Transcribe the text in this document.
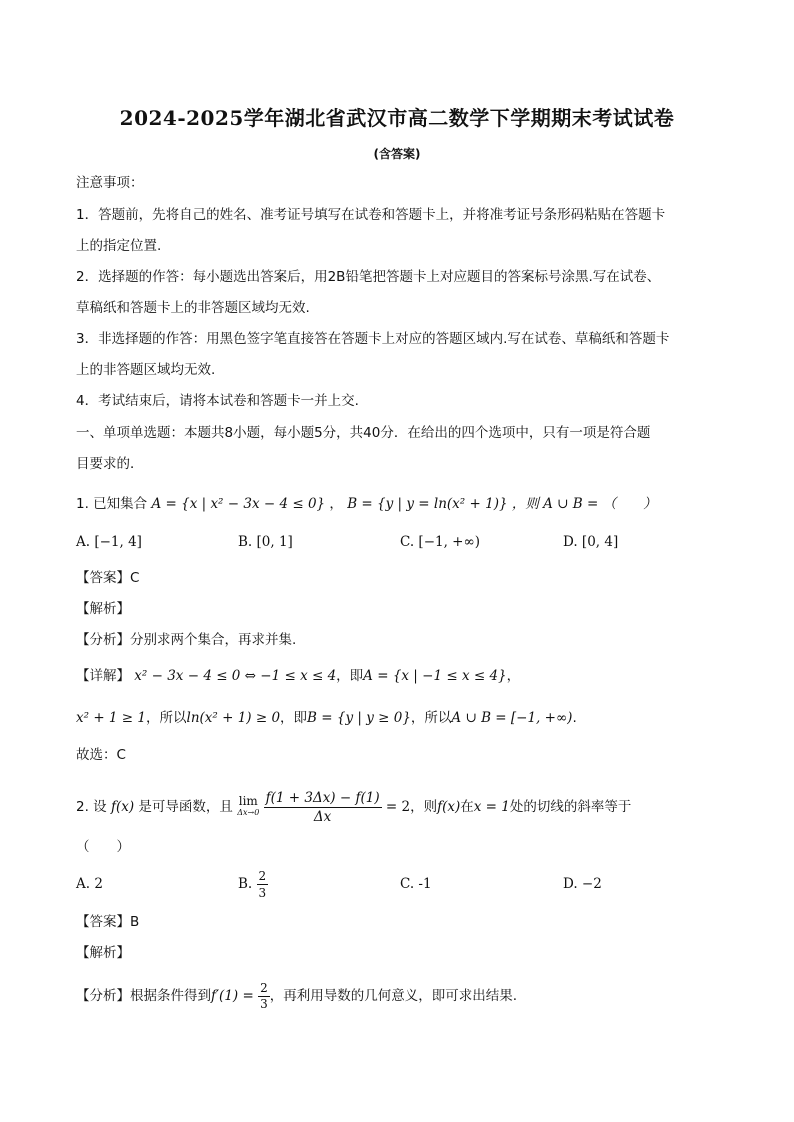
2024-2025学年湖北省武汉市高二数学下学期期末考试试卷
(含答案)
注意事项：
1．答题前，先将自己的姓名、准考证号填写在试卷和答题卡上，并将准考证号条形码粘贴在答题卡
上的指定位置.
2．选择题的作答：每小题选出答案后，用2B铅笔把答题卡上对应题目的答案标号涂黑.写在试卷、
草稿纸和答题卡上的非答题区域均无效.
3．非选择题的作答：用黑色签字笔直接答在答题卡上对应的答题区域内.写在试卷、草稿纸和答题卡
上的非答题区域均无效.
4．考试结束后，请将本试卷和答题卡一并上交.
一、单项单选题：本题共8小题，每小题5分，共40分．在给出的四个选项中，只有一项是符合题
目要求的．
1. 已知集合 A = {x | x² − 3x − 4 ≤ 0} ， B = {y | y = ln(x² + 1)} ，则 A ∪ B = （　　）
A. [−1, 4]	B. [0, 1]	C. [−1, +∞)	D. [0, 4]
【答案】C
【解析】
【分析】分别求两个集合，再求并集.
【详解】 x² − 3x − 4 ≤ 0 ⇔ −1 ≤ x ≤ 4，即A = {x | −1 ≤ x ≤ 4}，
x² + 1 ≥ 1，所以ln(x² + 1) ≥ 0，即B = {y | y ≥ 0}，所以A ∪ B = [−1, +∞).
故选：C
2. 设 f(x) 是可导函数，且 lim
Δx→0
$\frac{f(1 + 3\Delta x) - f(1)}{\Delta x} = 2$，则f(x)在x = 1处的切线的斜率等于
（　　）
A. 2	B. $\frac{2}{3}$	C. -1	D. −2
【答案】B
【解析】
【分析】根据条件得到$f'(1) = \frac{2}{3}$ ，再利用导数的几何意义，即可求出结果.
